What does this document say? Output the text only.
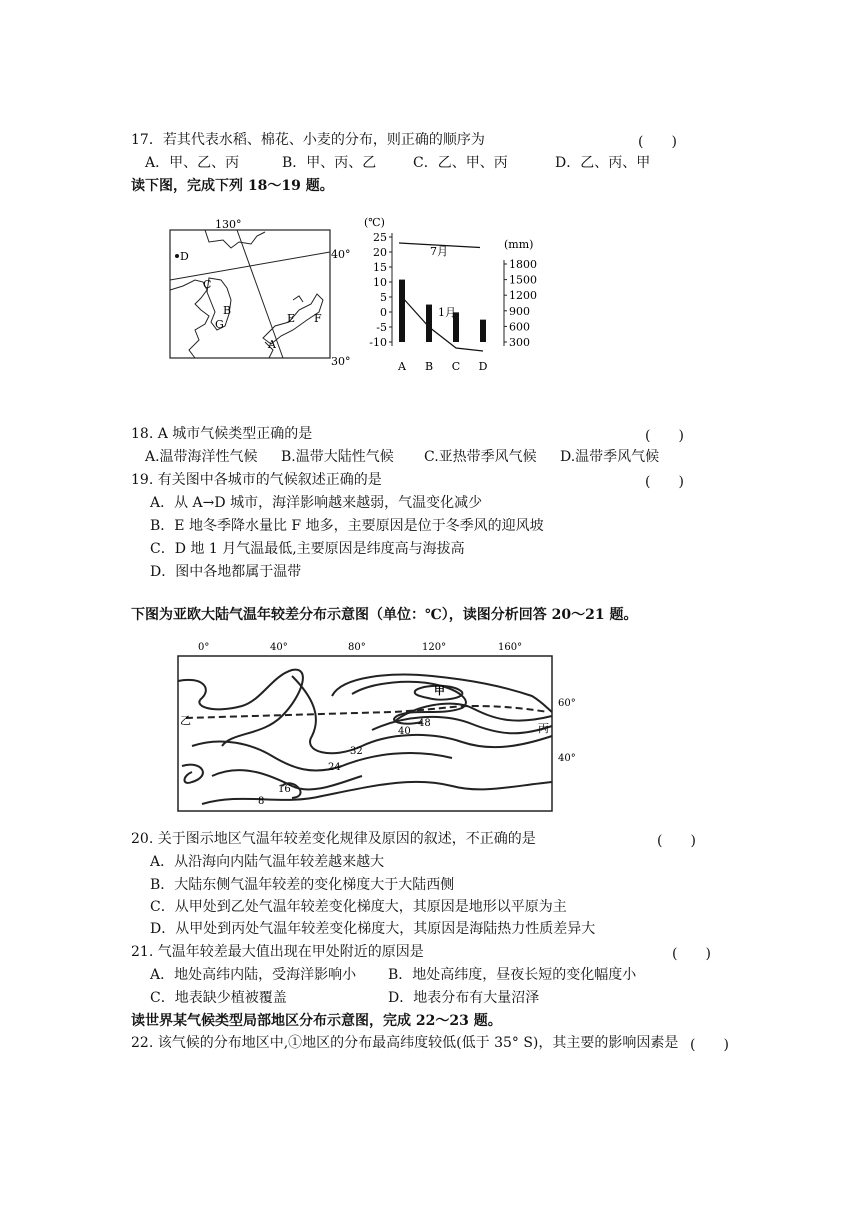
17．若其代表水稻、棉花、小麦的分布，则正确的顺序为	(　　)
A．甲、乙、丙	B．甲、丙、乙	C．乙、甲、丙	D．乙、丙、甲
读下图，完成下列 18～19 题。
D
C
B
G
A
E F
130°
40°
30°
(℃)
(mm)
25
20
15
10
5
0
-5
-10
1800
1500
1200
900
600
300
A B C D
7月
1月
18. A 城市气候类型正确的是	(　　)
A.温带海洋性气候 B.温带大陆性气候 C.亚热带季风气候 D.温带季风气候
19. 有关图中各城市的气候叙述正确的是	(　　)
A．从 A→D 城市，海洋影响越来越弱，气温变化减少
B．E 地冬季降水量比 F 地多，主要原因是位于冬季风的迎风坡
C．D 地 1 月气温最低,主要原因是纬度高与海拔高
D．图中各地都属于温带
下图为亚欧大陆气温年较差分布示意图（单位：℃），读图分析回答 20～21 题。
0°	40°	80°	120°	160°
60°
40°
甲
乙
丙
48
40
32
24
16
8
20. 关于图示地区气温年较差变化规律及原因的叙述，不正确的是	(　　)
A．从沿海向内陆气温年较差越来越大
B．大陆东侧气温年较差的变化梯度大于大陆西侧
C．从甲处到乙处气温年较差变化梯度大，其原因是地形以平原为主
D．从甲处到丙处气温年较差变化梯度大，其原因是海陆热力性质差异大
21. 气温年较差最大值出现在甲处附近的原因是	(　　)
A．地处高纬内陆，受海洋影响小 B．地处高纬度，昼夜长短的变化幅度小
C．地表缺少植被覆盖	D．地表分布有大量沼泽
读世界某气候类型局部地区分布示意图，完成 22～23 题。
22. 该气候的分布地区中,①地区的分布最高纬度较低(低于 35° S)，其主要的影响因素是 (　　)
